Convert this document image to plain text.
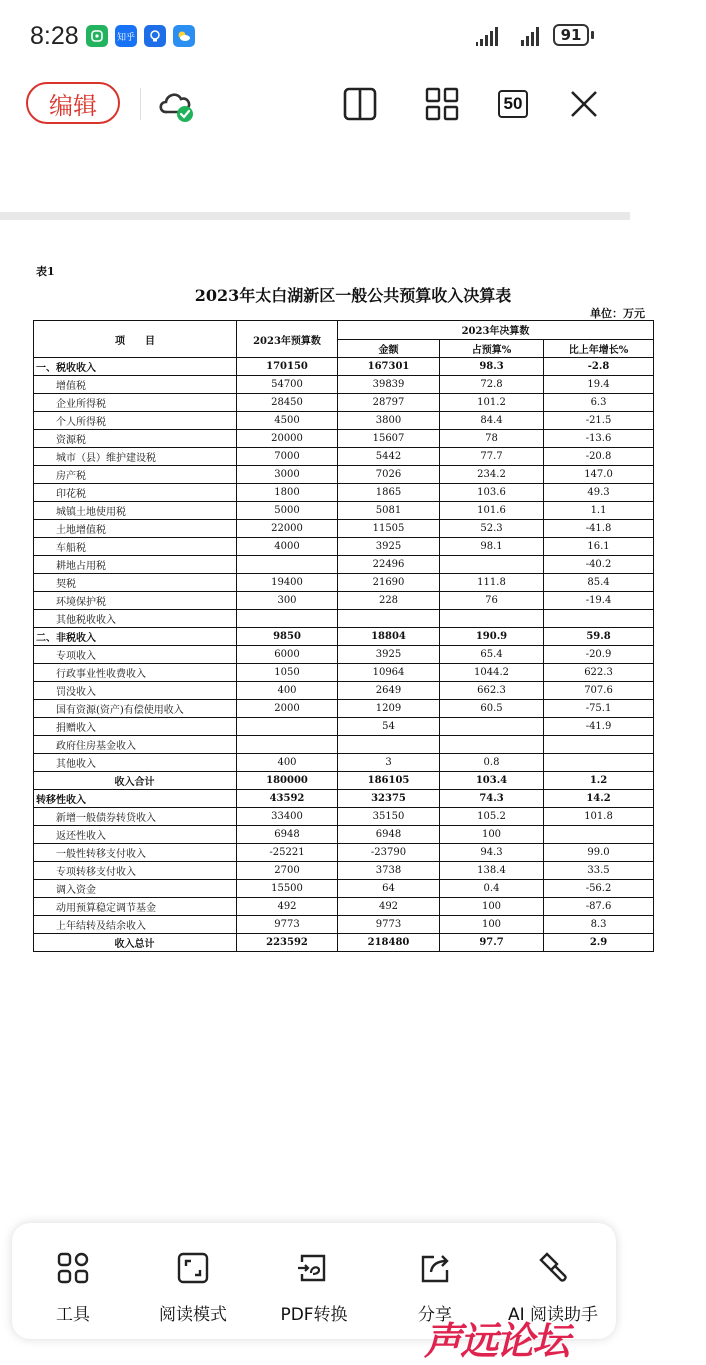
8:28	知乎	91
编辑	50
表1
2023年太白湖新区一般公共预算收入决算表
单位：万元
项　　目	2023年预算数	2023年决算数		
		金额	占预算%	比上年增长%
一、税收收入	170150	167301	98.3	-2.8
增值税	54700	39839	72.8	19.4
企业所得税	28450	28797	101.2	6.3
个人所得税	4500	3800	84.4	-21.5
资源税	20000	15607	78	-13.6
城市（县）维护建设税	7000	5442	77.7	-20.8
房产税	3000	7026	234.2	147.0
印花税	1800	1865	103.6	49.3
城镇土地使用税	5000	5081	101.6	1.1
土地增值税	22000	11505	52.3	-41.8
车船税	4000	3925	98.1	16.1
耕地占用税		22496		-40.2
契税	19400	21690	111.8	85.4
环境保护税	300	228	76	-19.4
其他税收收入				
二、非税收入	9850	18804	190.9	59.8
专项收入	6000	3925	65.4	-20.9
行政事业性收费收入	1050	10964	1044.2	622.3
罚没收入	400	2649	662.3	707.6
国有资源(资产)有偿使用收入	2000	1209	60.5	-75.1
捐赠收入		54		-41.9
政府住房基金收入				
其他收入	400	3	0.8	
收入合计	180000	186105	103.4	1.2
转移性收入	43592	32375	74.3	14.2
新增一般债券转贷收入	33400	35150	105.2	101.8
返还性收入	6948	6948	100	
一般性转移支付收入	-25221	-23790	94.3	99.0
专项转移支付收入	2700	3738	138.4	33.5
调入资金	15500	64	0.4	-56.2
动用预算稳定调节基金	492	492	100	-87.6
上年结转及结余收入	9773	9773	100	8.3
收入总计	223592	218480	97.7	2.9
工具	阅读模式	PDF转换	分享	AI 阅读助手
声远论坛
